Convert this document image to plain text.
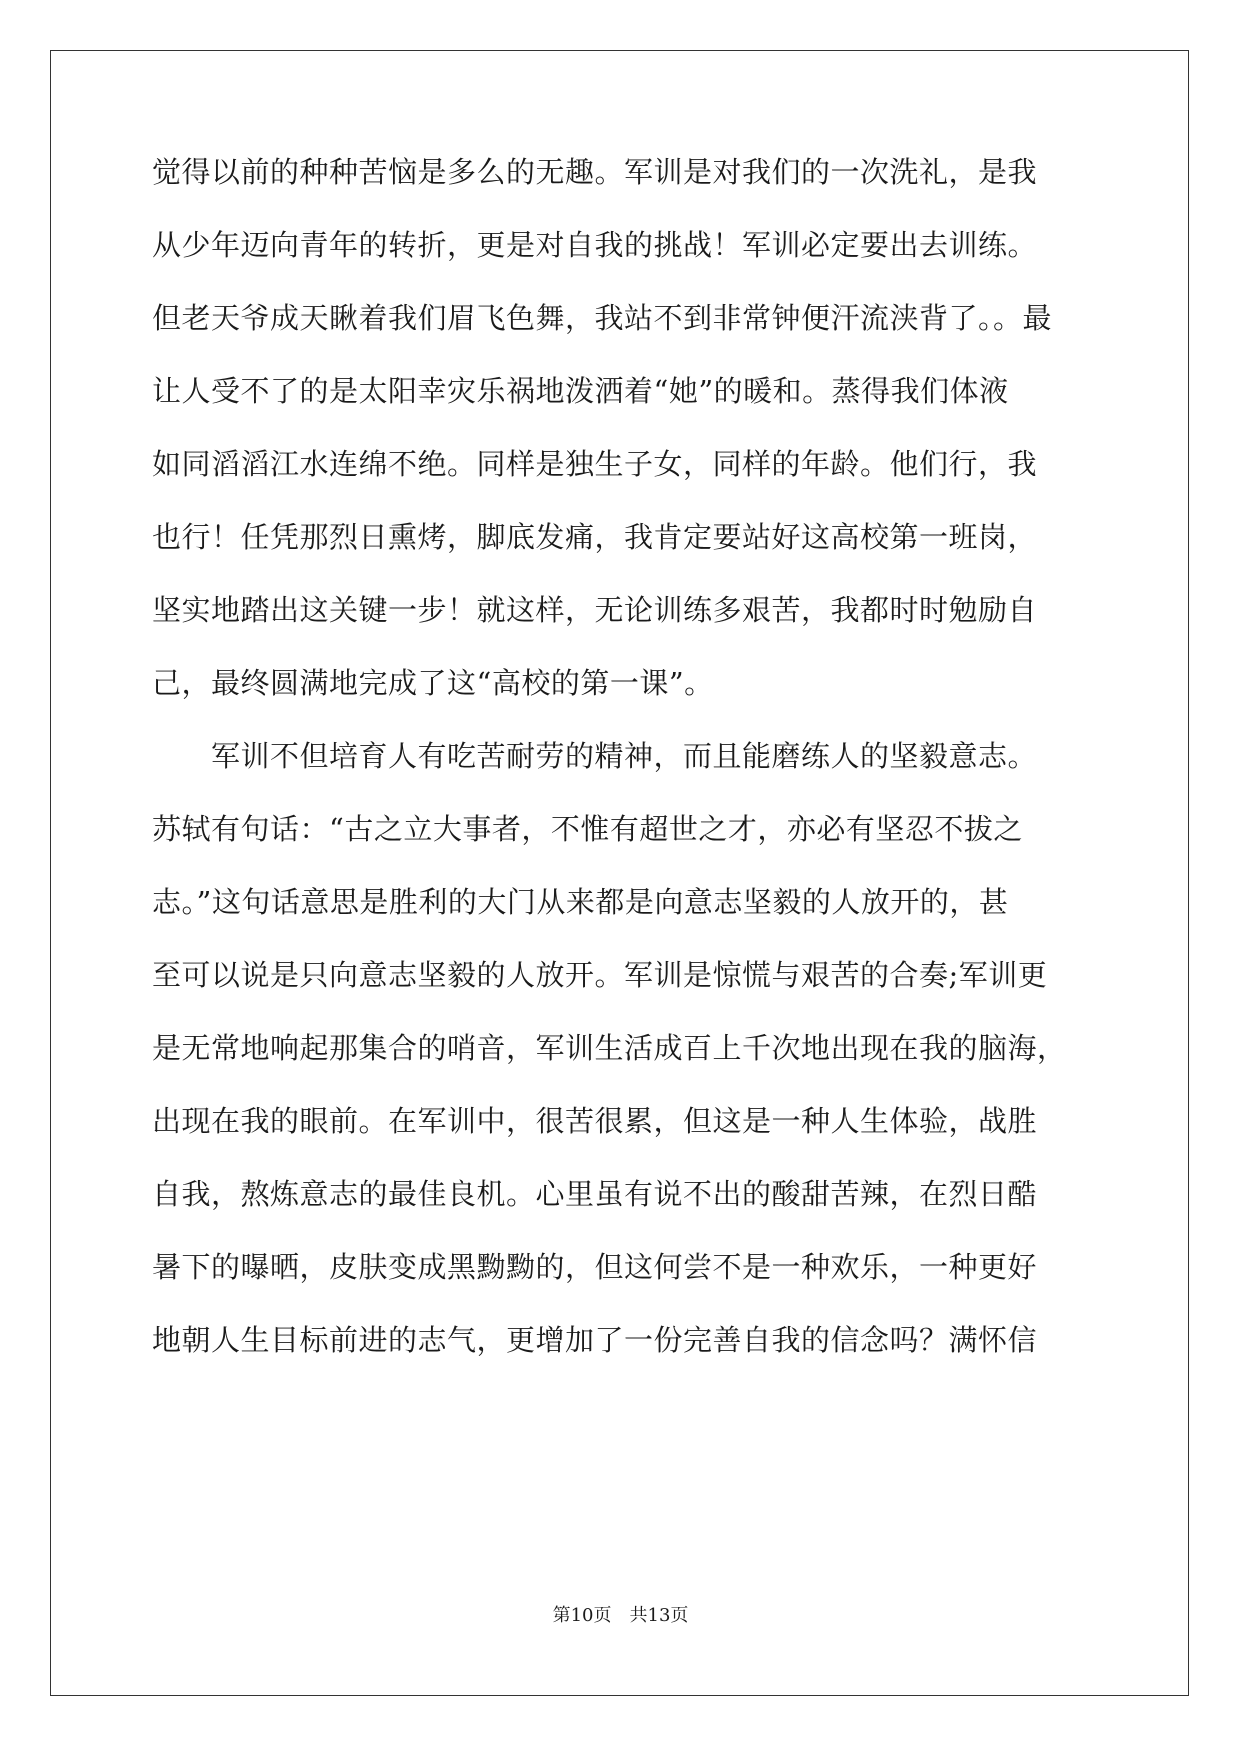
觉得以前的种种苦恼是多么的无趣。军训是对我们的一次洗礼，是我
从少年迈向青年的转折，更是对自我的挑战！军训必定要出去训练。
但老天爷成天瞅着我们眉飞色舞，我站不到非常钟便汗流浃背了。。最
让人受不了的是太阳幸灾乐祸地泼洒着“她”的暖和。蒸得我们体液
如同滔滔江水连绵不绝。同样是独生子女，同样的年龄。他们行，我
也行！任凭那烈日熏烤，脚底发痛，我肯定要站好这高校第一班岗，
坚实地踏出这关键一步！就这样，无论训练多艰苦，我都时时勉励自
己，最终圆满地完成了这“高校的第一课”。
　　军训不但培育人有吃苦耐劳的精神，而且能磨练人的坚毅意志。
苏轼有句话：“古之立大事者，不惟有超世之才，亦必有坚忍不拔之
志。”这句话意思是胜利的大门从来都是向意志坚毅的人放开的，甚
至可以说是只向意志坚毅的人放开。军训是惊慌与艰苦的合奏;军训更
是无常地响起那集合的哨音，军训生活成百上千次地出现在我的脑海，
出现在我的眼前。在军训中，很苦很累，但这是一种人生体验，战胜
自我，熬炼意志的最佳良机。心里虽有说不出的酸甜苦辣，在烈日酷
暑下的曝晒，皮肤变成黑黝黝的，但这何尝不是一种欢乐，一种更好
地朝人生目标前进的志气，更增加了一份完善自我的信念吗？满怀信
第10页 共13页
